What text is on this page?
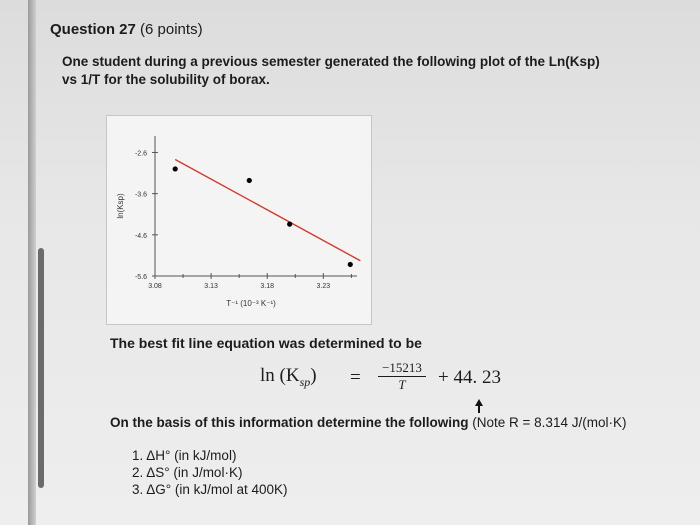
Question 27 (6 points)
One student during a previous semester generated the following plot of the Ln(Ksp)
vs 1/T for the solubility of borax.
-2.6
-3.6
-4.6
-5.6
3.08	3.13	3.18	3.23
ln(Ksp)
T⁻¹ (10⁻³ K⁻¹)
The best fit line equation was determined to be
$\ln (K_{sp})$ =	−15213
T	+ 44. 23
On the basis of this information determine the following (Note R = 8.314 J/(mol·K)
1. ΔH° (in kJ/mol)
2. ΔS° (in J/mol·K)
3. ΔG° (in kJ/mol at 400K)
